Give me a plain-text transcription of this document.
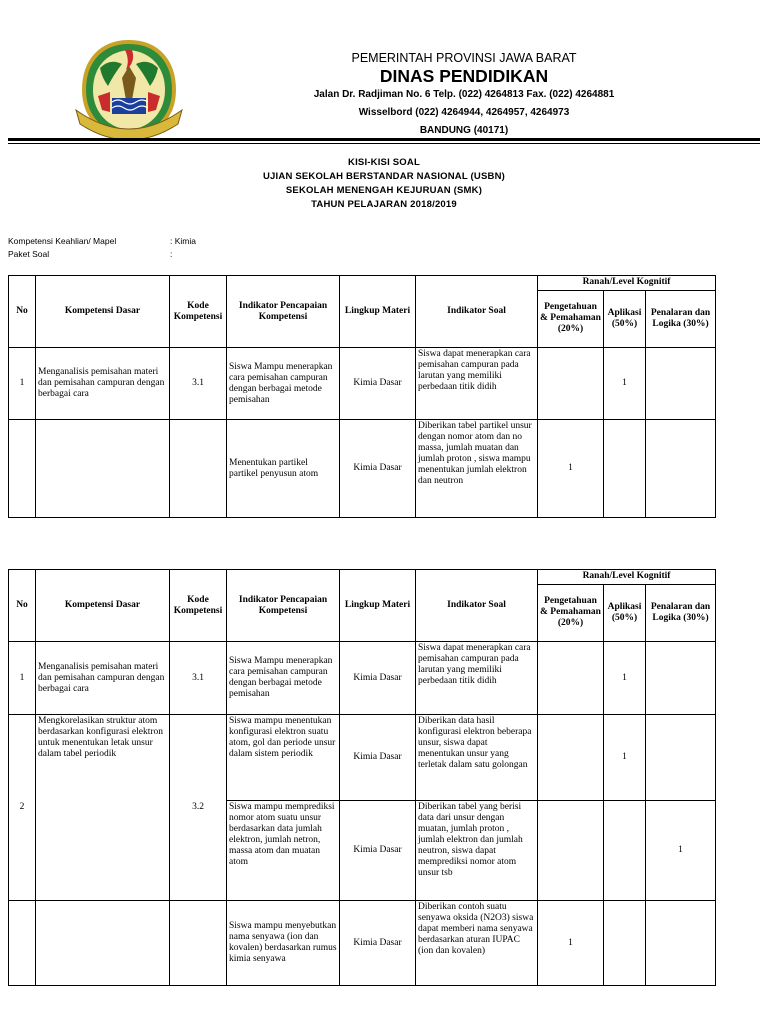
PEMERINTAH PROVINSI JAWA BARAT
DINAS PENDIDIKAN
Jalan Dr. Radjiman No. 6 Telp. (022) 4264813 Fax. (022) 4264881
Wisselbord (022) 4264944, 4264957, 4264973
BANDUNG (40171)
KISI-KISI SOAL
UJIAN SEKOLAH BERSTANDAR NASIONAL (USBN)
SEKOLAH MENENGAH KEJURUAN (SMK)
TAHUN PELAJARAN 2018/2019
Kompetensi Keahlian/ Mapel	: Kimia
Paket Soal	:
No	Kompetensi Dasar	Kode Kompetensi	Indikator Pencapaian Kompetensi	Lingkup Materi	Indikator Soal	Ranah/Level Kognitif		
						Pengetahuan & Pemahaman (20%)	Aplikasi (50%)	Penalaran dan Logika (30%)
1	Menganalisis pemisahan materi dan pemisahan campuran dengan berbagai cara	3.1	Siswa Mampu menerapkan cara pemisahan campuran dengan berbagai metode pemisahan	Kimia Dasar	Siswa dapat menerapkan cara pemisahan campuran pada larutan yang memiliki perbedaan titik didih		1	
			Menentukan partikel partikel penyusun atom	Kimia Dasar	Diberikan tabel partikel unsur dengan nomor atom dan no massa, jumlah muatan dan jumlah proton , siswa mampu menentukan jumlah elektron dan neutron	1		
No	Kompetensi Dasar	Kode Kompetensi	Indikator Pencapaian Kompetensi	Lingkup Materi	Indikator Soal	Ranah/Level Kognitif		
						Pengetahuan & Pemahaman (20%)	Aplikasi (50%)	Penalaran dan Logika (30%)
1	Menganalisis pemisahan materi dan pemisahan campuran dengan berbagai cara	3.1	Siswa Mampu menerapkan cara pemisahan campuran dengan berbagai metode pemisahan	Kimia Dasar	Siswa dapat menerapkan cara pemisahan campuran pada larutan yang memiliki perbedaan titik didih		1	
2	Mengkorelasikan struktur atom berdasarkan konfigurasi elektron untuk menentukan letak unsur dalam tabel periodik	3.2	Siswa mampu menentukan konfigurasi elektron suatu atom, gol dan periode unsur dalam sistem periodik	Kimia Dasar	Diberikan data hasil konfigurasi elektron beberapa unsur, siswa dapat menentukan unsur yang terletak dalam satu golongan		1	
			Siswa mampu memprediksi nomor atom suatu unsur berdasarkan data jumlah elektron, jumlah netron, massa atom dan muatan atom	Kimia Dasar	Diberikan tabel yang berisi data dari unsur dengan muatan, jumlah proton , jumlah elektron dan jumlah neutron, siswa dapat memprediksi nomor atom unsur tsb			1
			Siswa mampu menyebutkan nama senyawa (ion dan kovalen) berdasarkan rumus kimia senyawa	Kimia Dasar	Diberikan contoh suatu senyawa oksida (N2O3) siswa dapat memberi nama senyawa berdasarkan aturan IUPAC (ion dan kovalen)	1		
